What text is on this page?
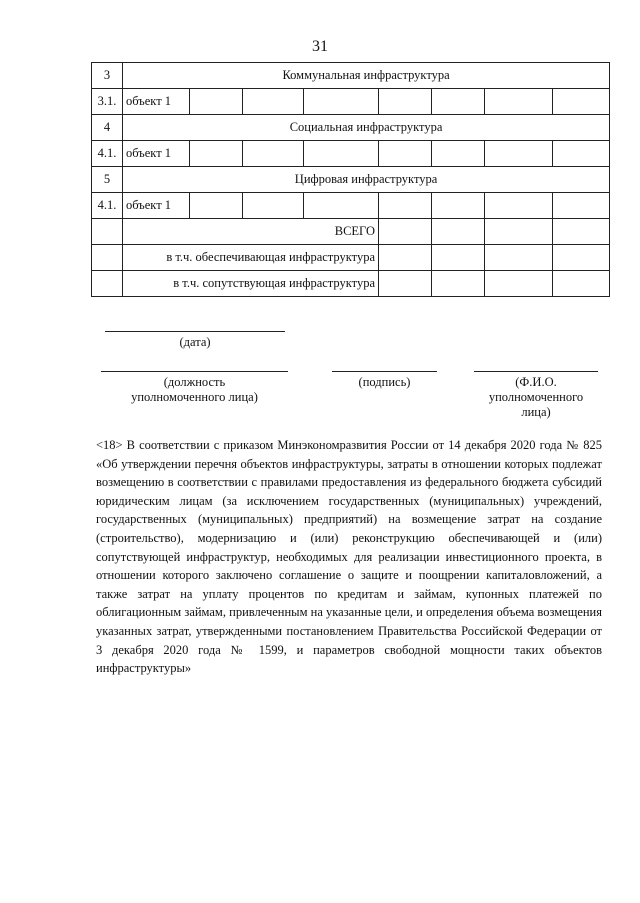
31
3	Коммунальная инфраструктура							
3.1.	объект 1							
4	Социальная инфраструктура							
4.1.	объект 1							
5	Цифровая инфраструктура							
4.1.	объект 1							
	ВСЕГО							
	в т.ч. обеспечивающая инфраструктура							
	в т.ч. сопутствующая инфраструктура							
(дата)
(должность
уполномоченного лица)
(подпись)	(Ф.И.О.
уполномоченного
лица)
<18> В соответствии с приказом Минэкономразвития России от 14 декабря 2020 года № 825 «Об утверждении перечня объектов инфраструктуры, затраты в отношении которых подлежат возмещению в соответствии с правилами предоставления из федерального бюджета субсидий юридическим лицам (за исключением государственных (муниципальных) учреждений, государственных (муниципальных) предприятий) на возмещение затрат на создание (строительство), модернизацию и (или) реконструкцию обеспечивающей и (или) сопутствующей инфраструктур, необходимых для реализации инвестиционного проекта, в отношении которого заключено соглашение о защите и поощрении капиталовложений, а также затрат на уплату процентов по кредитам и займам, купонных платежей по облигационным займам, привлеченным на указанные цели, и определения объема возмещения указанных затрат, утвержденными постановлением Правительства Российской Федерации от 3 декабря 2020 года № 1599, и параметров свободной мощности таких объектов инфраструктуры»
